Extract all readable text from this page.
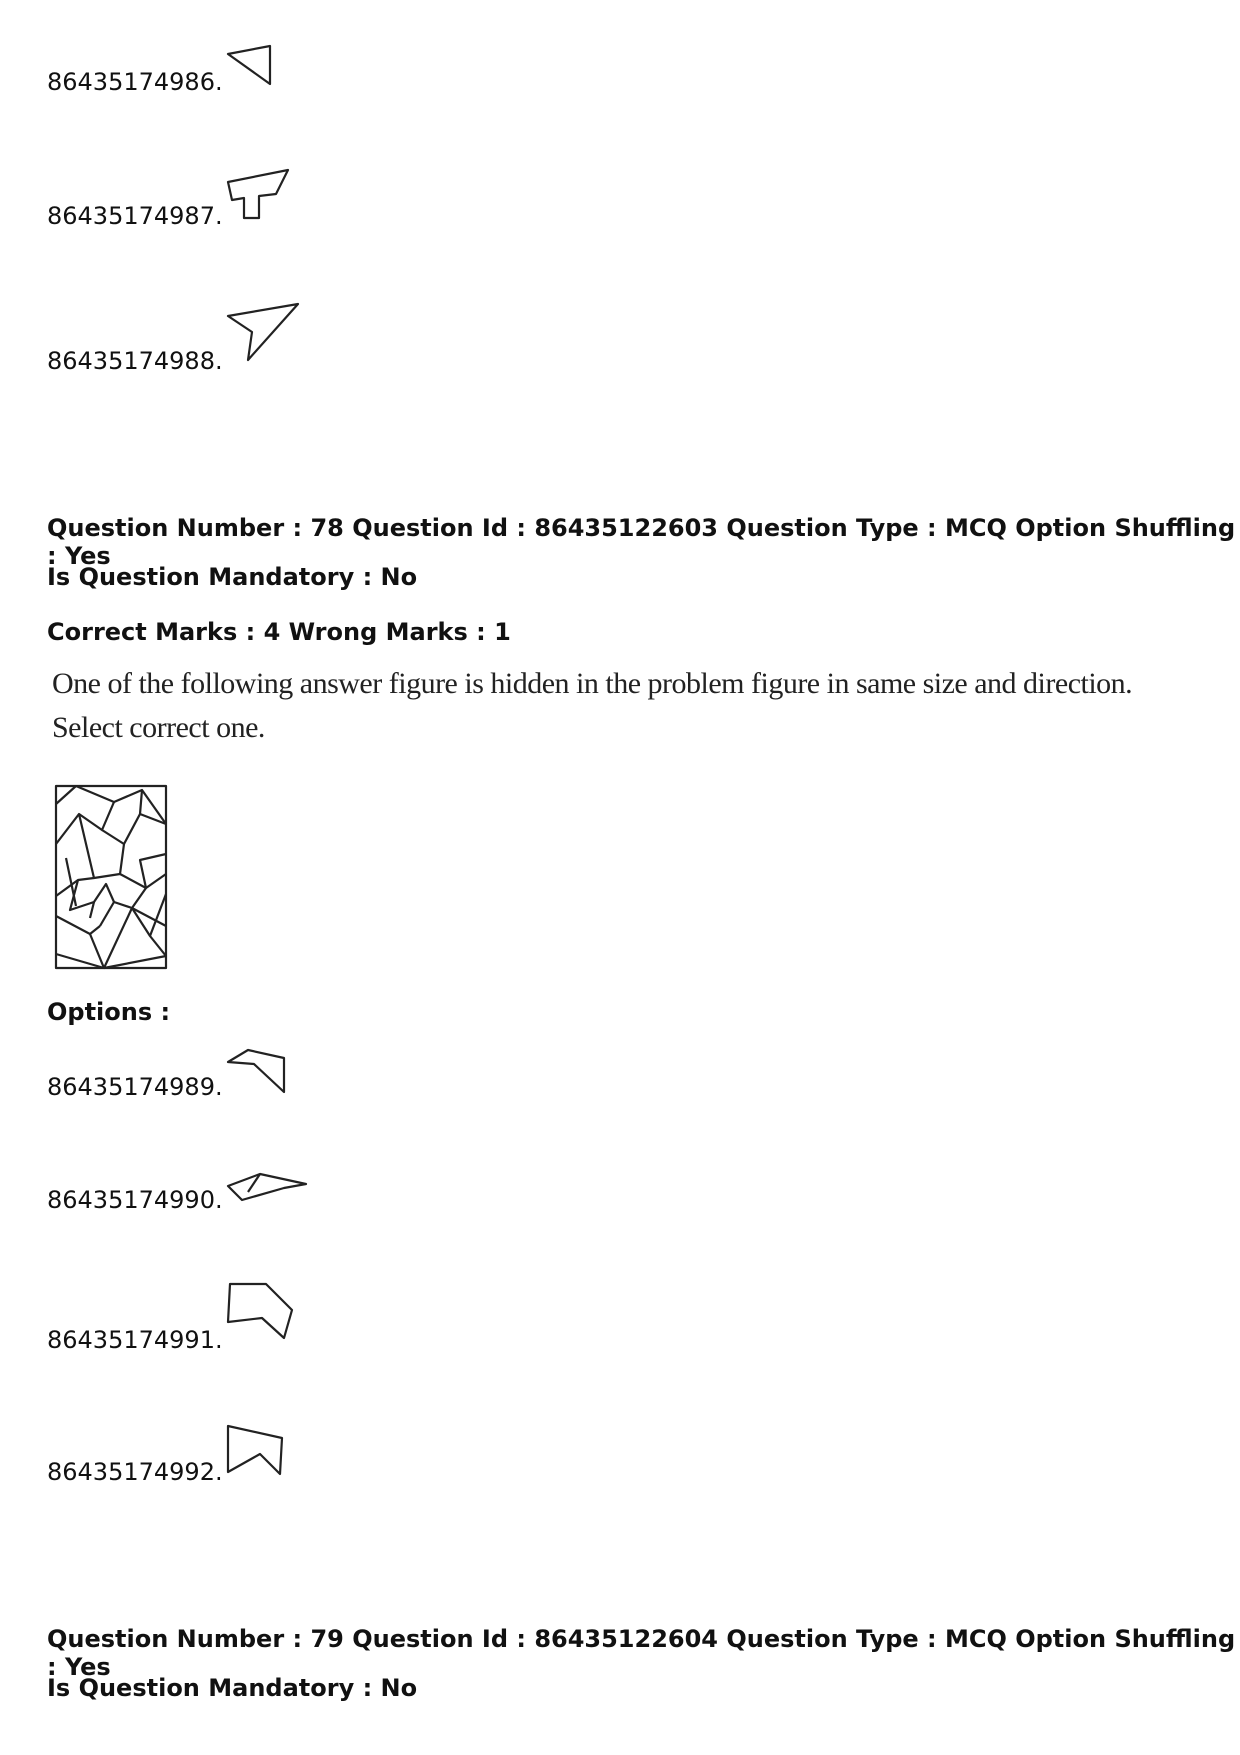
86435174986.
86435174987.
86435174988.
Question Number : 78 Question Id : 86435122603 Question Type : MCQ Option Shuffling : Yes
Is Question Mandatory : No
Correct Marks : 4 Wrong Marks : 1
One of the following answer figure is hidden in the problem figure in same size and direction.
Select correct one.
Options :
86435174989.
86435174990.
86435174991.
86435174992.
Question Number : 79 Question Id : 86435122604 Question Type : MCQ Option Shuffling : Yes
Is Question Mandatory : No
